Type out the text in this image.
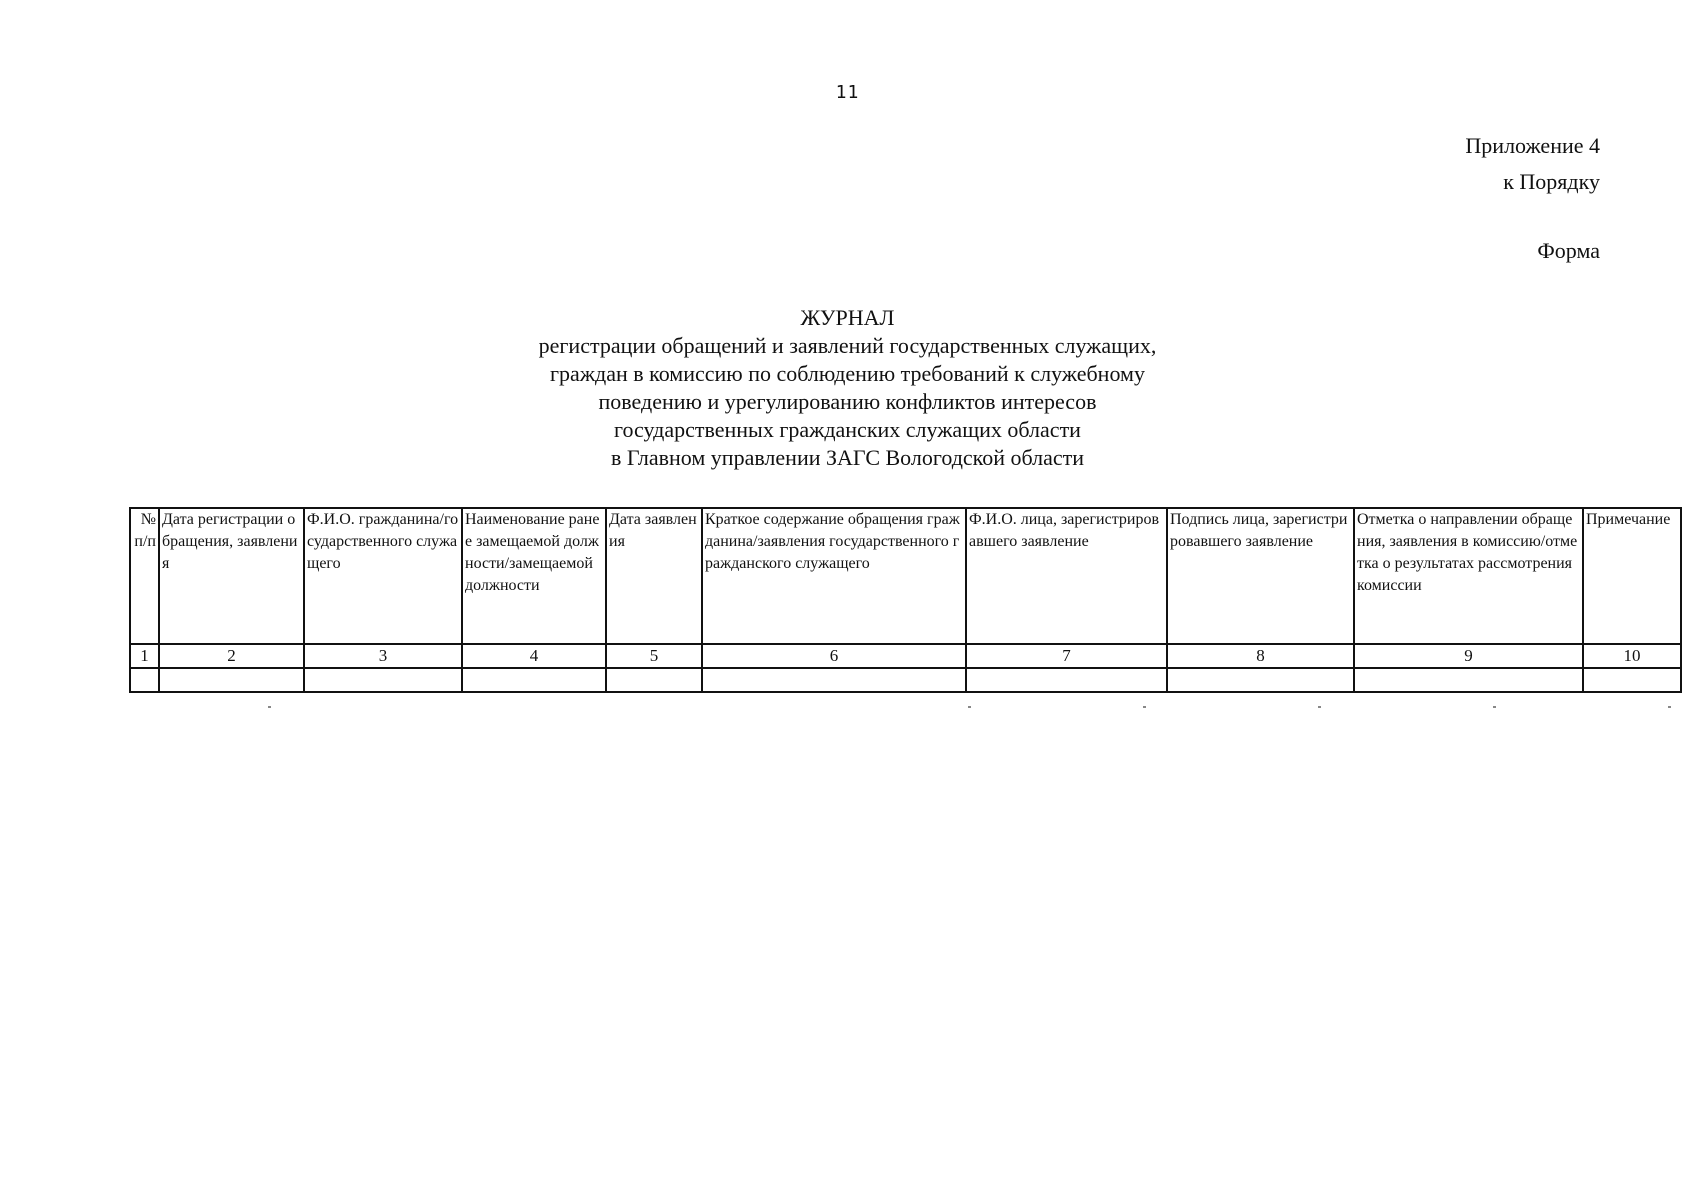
11
Приложение 4
к Порядку
Форма
ЖУРНАЛ
регистрации обращений и заявлений государственных служащих,
граждан в комиссию по соблюдению требований к служебному
поведению и урегулированию конфликтов интересов
государственных гражданских служащих области
в Главном управлении ЗАГС Вологодской области
№ п/п	Дата регистрации обращения, заявления	Ф.И.О. гражданина/государственного служащего	Наименование ранее замещаемой должности/замещаемой должности	Дата заявления	Краткое содержание обращения гражданина/заявления государственного гражданского служащего	Ф.И.О. лица, зарегистрировавшего заявление	Подпись лица, зарегистрировавшего заявление	Отметка о направлении обращения, заявления в комиссию/отметка о результатах рассмотрения комиссии	Примечание
1	2	3	4	5	6	7	8	9	10
